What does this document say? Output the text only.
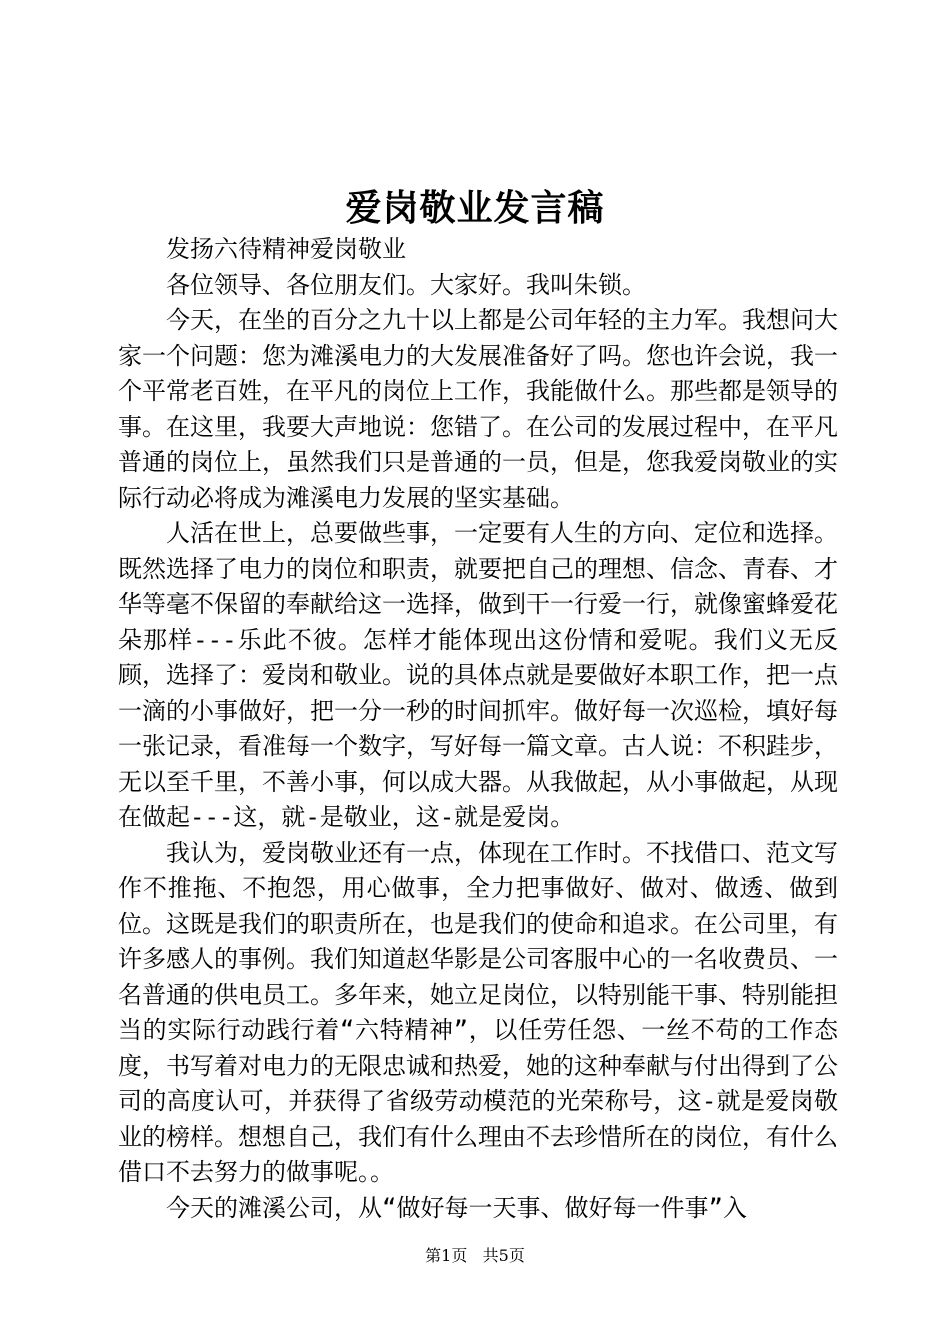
爱岗敬业发言稿

发扬六待精神爱岗敬业

各位领导、各位朋友们。大家好。我叫朱锁。

今天，在坐的百分之九十以上都是公司年轻的主力军。我想问大家一个问题：您为滩溪电力的大发展准备好了吗。您也许会说，我一个平常老百姓，在平凡的岗位上工作，我能做什么。那些都是领导的事。在这里，我要大声地说：您错了。在公司的发展过程中，在平凡普通的岗位上，虽然我们只是普通的一员，但是，您我爱岗敬业的实际行动必将成为滩溪电力发展的坚实基础。

人活在世上，总要做些事，一定要有人生的方向、定位和选择。既然选择了电力的岗位和职责，就要把自己的理想、信念、青春、才华等毫不保留的奉献给这一选择，做到干一行爱一行，就像蜜蜂爱花朵那样---乐此不彼。怎样才能体现出这份情和爱呢。我们义无反顾，选择了：爱岗和敬业。说的具体点就是要做好本职工作，把一点一滴的小事做好，把一分一秒的时间抓牢。做好每一次巡检，填好每一张记录，看准每一个数字，写好每一篇文章。古人说：不积跬步，无以至千里，不善小事，何以成大器。从我做起，从小事做起，从现在做起---这，就-是敬业，这-就是爱岗。

我认为，爱岗敬业还有一点，体现在工作时。不找借口、范文写作不推拖、不抱怨，用心做事，全力把事做好、做对、做透、做到位。这既是我们的职责所在，也是我们的使命和追求。在公司里，有许多感人的事例。我们知道赵华影是公司客服中心的一名收费员、一名普通的供电员工。多年来，她立足岗位，以特别能干事、特别能担当的实际行动践行着“六特精神”，以任劳任怨、一丝不苟的工作态度，书写着对电力的无限忠诚和热爱，她的这种奉献与付出得到了公司的高度认可，并获得了省级劳动模范的光荣称号，这-就是爱岗敬业的榜样。想想自己，我们有什么理由不去珍惜所在的岗位，有什么借口不去努力的做事呢。。

今天的滩溪公司，从“做好每一天事、做好每一件事”入

第1页 共5页
